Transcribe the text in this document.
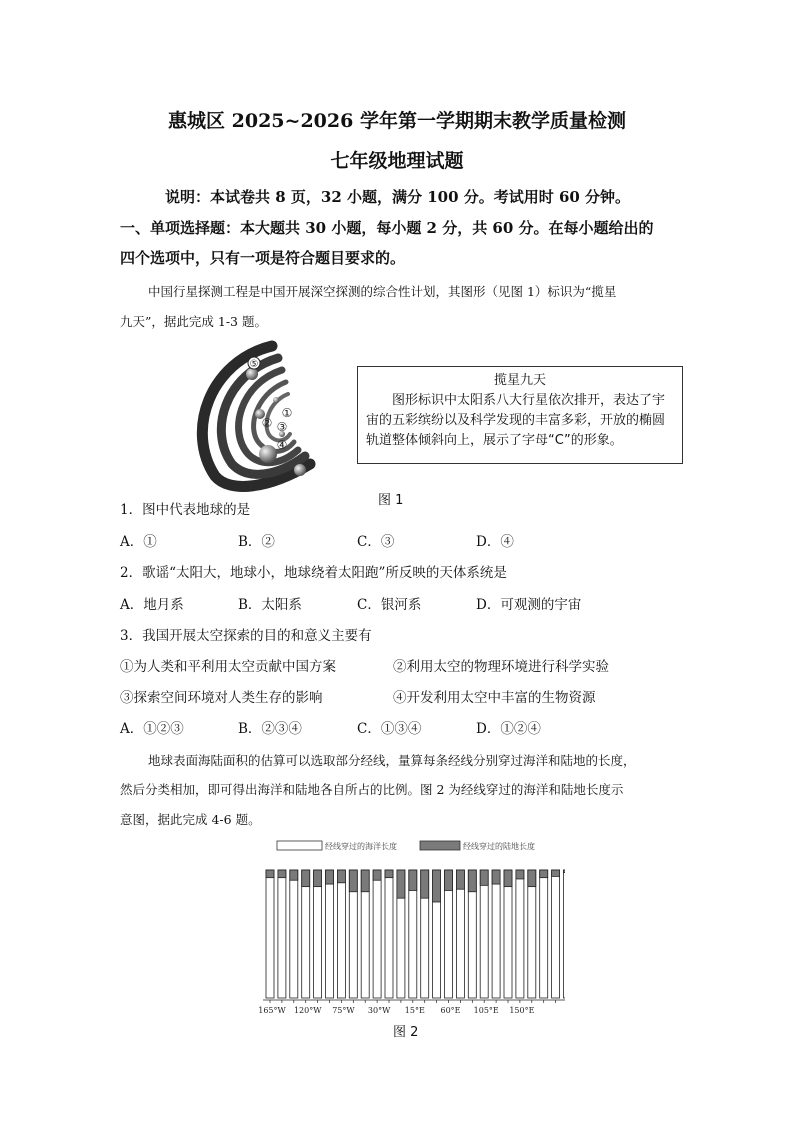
惠城区 2025~2026 学年第一学期期末教学质量检测
七年级地理试题
说明：本试卷共 8 页，32 小题，满分 100 分。考试用时 60 分钟。
一、单项选择题：本大题共 30 小题，每小题 2 分，共 60 分。在每小题给出的
四个选项中，只有一项是符合题目要求的。
中国行星探测工程是中国开展深空探测的综合性计划，其图形（见图 1）标识为“揽星
九天”，据此完成 1-3 题。
⑤
①
② ③
④
揽星九天
图形标识中太阳系八大行星依次排开，表达了宇宙的五彩缤纷以及科学发现的丰富多彩，开放的椭圆轨道整体倾斜向上，展示了字母“C”的形象。
图 1
1．图中代表地球的是
A．①	B．②	C．③	D．④
2．歌谣“太阳大，地球小，地球绕着太阳跑”所反映的天体系统是
A．地月系	B．太阳系	C．银河系	D．可观测的宇宙
3．我国开展太空探索的目的和意义主要有
①为人类和平利用太空贡献中国方案	②利用太空的物理环境进行科学实验
③探索空间环境对人类生存的影响	④开发利用太空中丰富的生物资源
A．①②③	B．②③④	C．①③④	D．①②④
地球表面海陆面积的估算可以选取部分经线，量算每条经线分别穿过海洋和陆地的长度，
然后分类相加，即可得出海洋和陆地各自所占的比例。图 2 为经线穿过的海洋和陆地长度示
意图，据此完成 4-6 题。
经线穿过的海洋长度	经线穿过的陆地长度
165°W 120°W 75°W 30°W 15°E 60°E 105°E 150°E
图 2
